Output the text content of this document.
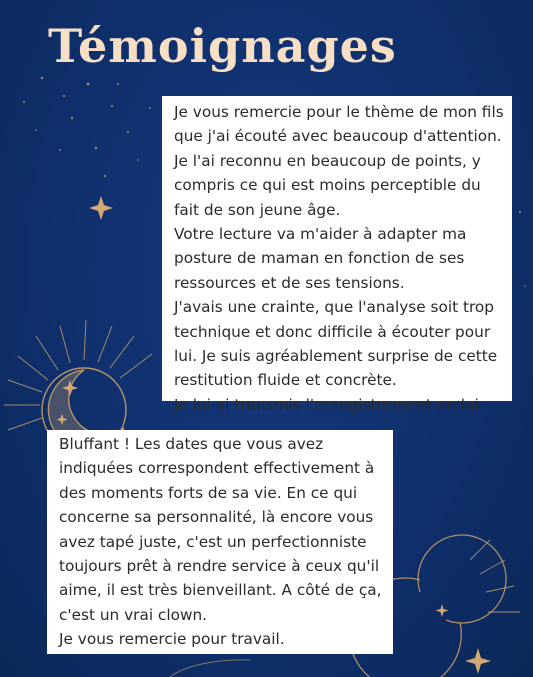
Témoignages
Je vous remercie pour le thème de mon fils
que j'ai écouté avec beaucoup d'attention.
Je l'ai reconnu en beaucoup de points, y
compris ce qui est moins perceptible du
fait de son jeune âge.
Votre lecture va m'aider à adapter ma
posture de maman en fonction de ses
ressources et de ses tensions.
J'avais une crainte, que l'analyse soit trop
technique et donc difficile à écouter pour
lui. Je suis agréablement surprise de cette
restitution fluide et concrète.
Je lui ai transmis l'enregistrement en lui
Bluffant ! Les dates que vous avez
indiquées correspondent effectivement à
des moments forts de sa vie. En ce qui
concerne sa personnalité, là encore vous
avez tapé juste, c'est un perfectionniste
toujours prêt à rendre service à ceux qu'il
aime, il est très bienveillant. A côté de ça,
c'est un vrai clown.
Je vous remercie pour travail.
